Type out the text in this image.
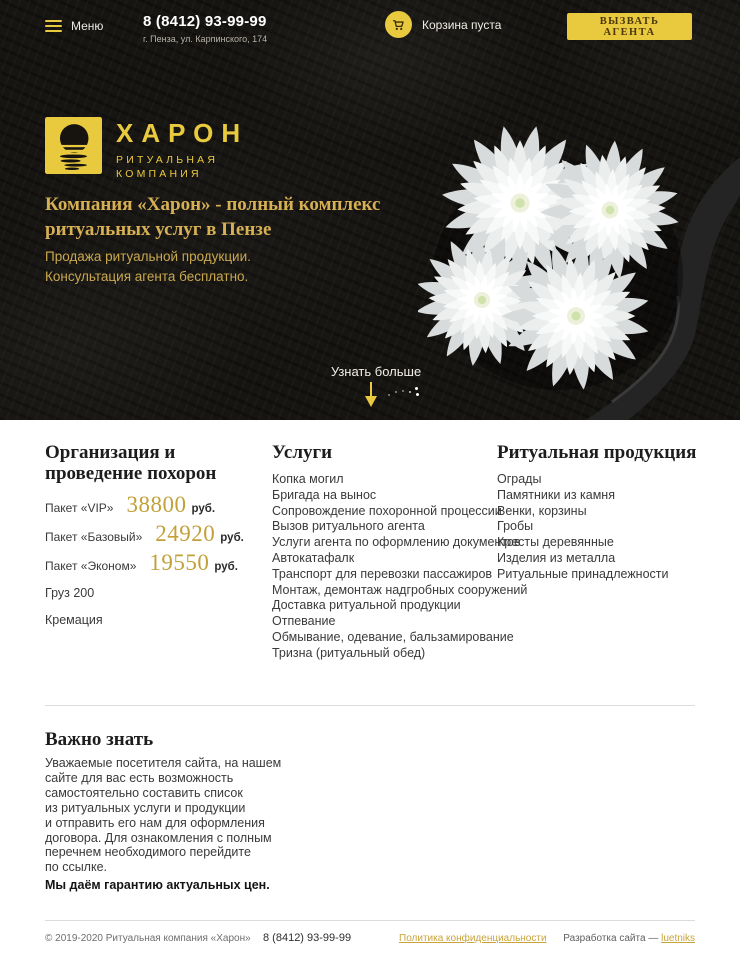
Меню	8 (8412) 93-99-99
г. Пенза, ул. Карпинского, 174
Корзина пуста	ВЫЗВАТЬ АГЕНТА
ХАРОН
РИТУАЛЬНАЯ
КОМПАНИЯ
Компания «Харон» - полный комплекс ритуальных услуг в Пензе
Продажа ритуальной продукции.
Консультация агента бесплатно.
Узнать больше
Организация и проведение похорон
Пакет «VIP» 38800 руб.
Пакет «Базовый» 24920 руб.
Пакет «Эконом» 19550 руб.
Груз 200
Кремация
Услуги
Копка могил
Бригада на вынос
Сопровождение похоронной процессии
Вызов ритуального агента
Услуги агента по оформлению документов
Автокатафалк
Транспорт для перевозки пассажиров
Монтаж, демонтаж надгробных сооружений
Доставка ритуальной продукции
Отпевание
Обмывание, одевание, бальзамирование
Тризна (ритуальный обед)
Ритуальная продукция
Ограды
Памятники из камня
Венки, корзины
Гробы
Кресты деревянные
Изделия из металла
Ритуальные принадлежности
Важно знать

Уважаемые посетителя сайта, на нашем
сайте для вас есть возможность
самостоятельно составить список
из ритуальных услуги и продукции
и отправить его нам для оформления
договора. Для ознакомления с полным
перечнем необходимого перейдите
по ссылке.

Мы даём гарантию актуальных цен.

© 2019-2020 Ритуальная компания «Харон» 8 (8412) 93-99-99	Политика конфиденциальности Разработка сайта — luetniks
